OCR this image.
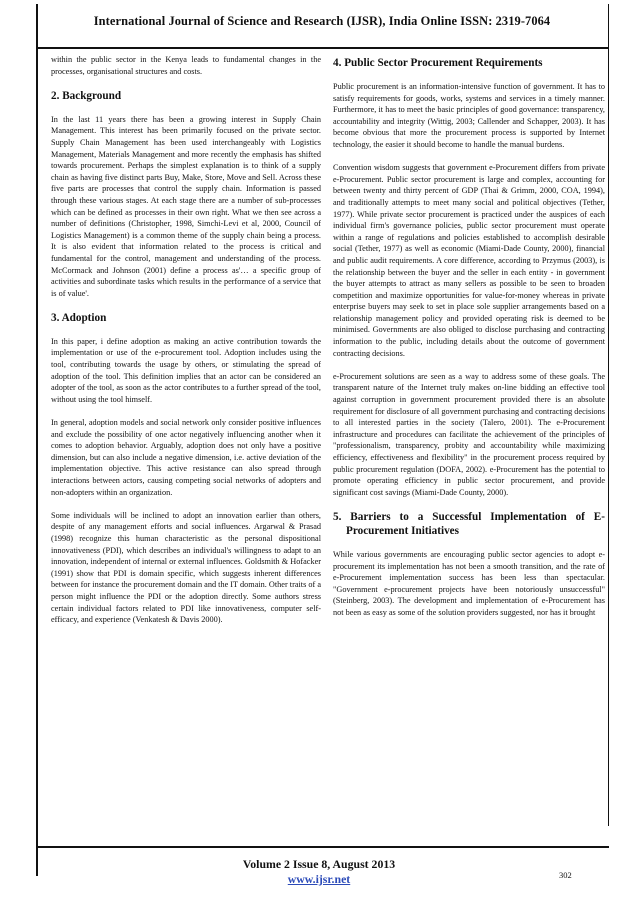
International Journal of Science and Research (IJSR), India Online ISSN: 2319-7064

within the public sector in the Kenya leads to fundamental changes in the processes, organisational structures and costs.

2. Background

In the last 11 years there has been a growing interest in Supply Chain Management. This interest has been primarily focused on the private sector. Supply Chain Management has been used interchangeably with Logistics Management, Materials Management and more recently the emphasis has shifted towards procurement. Perhaps the simplest explanation is to think of a supply chain as having five distinct parts Buy, Make, Store, Move and Sell. Across these five parts are processes that control the supply chain. Information is passed through these various stages. At each stage there are a number of sub-processes which can be defined as processes in their own right. What we then see across a number of definitions (Christopher, 1998, Simchi-Levi et al, 2000, Council of Logistics Management) is a common theme of the supply chain being a process. It is also evident that information related to the process is critical and fundamental for the control, management and understanding of the process. McCormack and Johnson (2001) define a process as'… a specific group of activities and subordinate tasks which results in the performance of a service that is of value'.

3. Adoption

In this paper, i define adoption as making an active contribution towards the implementation or use of the e-procurement tool. Adoption includes using the tool, contributing towards the usage by others, or stimulating the spread of adoption of the tool. This definition implies that an actor can be considered an adopter of the tool, as soon as the actor contributes to a further spread of the tool, without using the tool himself.

In general, adoption models and social network only consider positive influences and exclude the possibility of one actor negatively influencing another when it comes to adoption behavior. Arguably, adoption does not only have a positive dimension, but can also include a negative dimension, i.e. active deviation of the implementation objective. This active resistance can also spread through interactions between actors, causing competing social networks of adopters and non-adopters within an organization.

Some individuals will be inclined to adopt an innovation earlier than others, despite of any management efforts and social influences. Argarwal & Prasad (1998) recognize this human characteristic as the personal dispositional innovativeness (PDI), which describes an individual's willingness to adapt to an innovation, independent of internal or external influences. Goldsmith & Hofacker (1991) show that PDI is domain specific, which suggests inherent differences between for instance the procurement domain and the IT domain. Other traits of a person might influence the PDI or the adoption directly. Some authors stress certain individual factors related to PDI like innovativeness, computer self-efficacy, and experience (Venkatesh & Davis 2000).

4. Public Sector Procurement Requirements

Public procurement is an information-intensive function of government. It has to satisfy requirements for goods, works, systems and services in a timely manner. Furthermore, it has to meet the basic principles of good governance: transparency, accountability and integrity (Wittig, 2003; Callender and Schapper, 2003). It has become obvious that more the procurement process is supported by Internet technology, the easier it should become to handle the manual burdens.

Convention wisdom suggests that government e-Procurement differs from private e-Procurement. Public sector procurement is large and complex, accounting for between twenty and thirty percent of GDP (Thai & Grimm, 2000, COA, 1994), and traditionally attempts to meet many social and political objectives (Tether, 1977). While private sector procurement is practiced under the auspices of each individual firm's governance policies, public sector procurement must operate within a range of regulations and policies established to accomplish desirable social (Tether, 1977) as well as economic (Miami-Dade County, 2000), financial and public audit requirements. A core difference, according to Przymus (2003), is the relationship between the buyer and the seller in each entity - in government the buyer attempts to attract as many sellers as possible to be seen to broaden competition and maximize opportunities for value-for-money whereas in private enterprise buyers may seek to set in place sole supplier arrangements based on a relationship management policy and provided operating risk is deemed to be minimised. Governments are also obliged to disclose purchasing and contracting information to the public, including details about the outcome of government contracting decisions.

e-Procurement solutions are seen as a way to address some of these goals. The transparent nature of the Internet truly makes on-line bidding an effective tool against corruption in government procurement provided there is an absolute requirement for disclosure of all government purchasing and contracting decisions to all interested parties in the society (Talero, 2001). The e-Procurement infrastructure and procedures can facilitate the achievement of the principles of "professionalism, transparency, probity and accountability while maximizing efficiency, effectiveness and flexibility" in the procurement process required by public procurement regulation (DOFA, 2002). e-Procurement has the potential to promote operating efficiency in public sector procurement, and provide significant cost savings (Miami-Dade County, 2000).

5. Barriers to a Successful Implementation of E-Procurement Initiatives

While various governments are encouraging public sector agencies to adopt e-procurement its implementation has not been a smooth transition, and the rate of e-Procurement implementation success has been less than spectacular. "Government e-procurement projects have been notoriously unsuccessful" (Steinberg, 2003). The development and implementation of e-Procurement has not been as easy as some of the solution providers suggested, nor has it brought

Volume 2 Issue 8, August 2013
www.ijsr.net	302
